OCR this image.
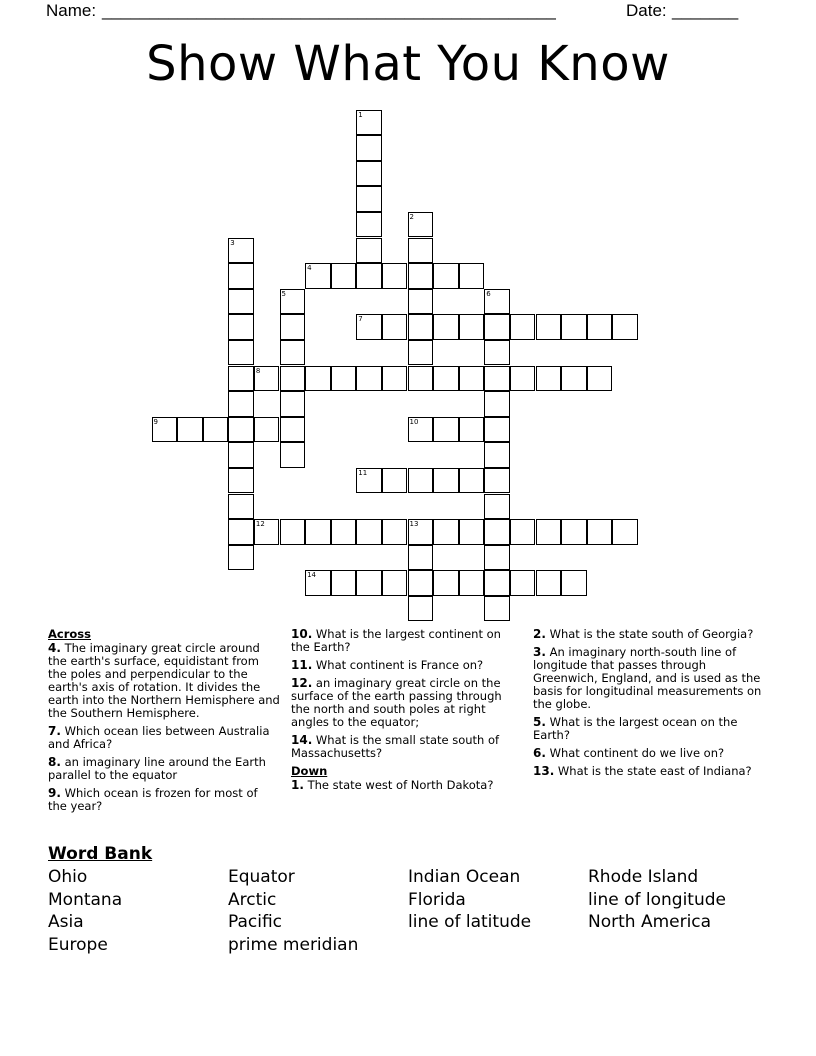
Name: ________________________________________________	Date: _______
Show What You Know
1
2
3
4
5	6
7
8
9	10
11
12	13
14
Across
4. The imaginary great circle around the earth's surface, equidistant from the poles and perpendicular to the earth's axis of rotation. It divides the earth into the Northern Hemisphere and the Southern Hemisphere.
7. Which ocean lies between Australia and Africa?
8. an imaginary line around the Earth parallel to the equator
9. Which ocean is frozen for most of the year?
10. What is the largest continent on the Earth?
11. What continent is France on?
12. an imaginary great circle on the surface of the earth passing through the north and south poles at right angles to the equator;
14. What is the small state south of Massachusetts?
Down
1. The state west of North Dakota?
2. What is the state south of Georgia?
3. An imaginary north-south line of longitude that passes through Greenwich, England, and is used as the basis for longitudinal measurements on the globe.
5. What is the largest ocean on the Earth?
6. What continent do we live on?
13. What is the state east of Indiana?
Word Bank
Ohio
Montana
Asia
Europe
Equator
Arctic
Pacific
prime meridian
Indian Ocean
Florida
line of latitude
Rhode Island
line of longitude
North America
